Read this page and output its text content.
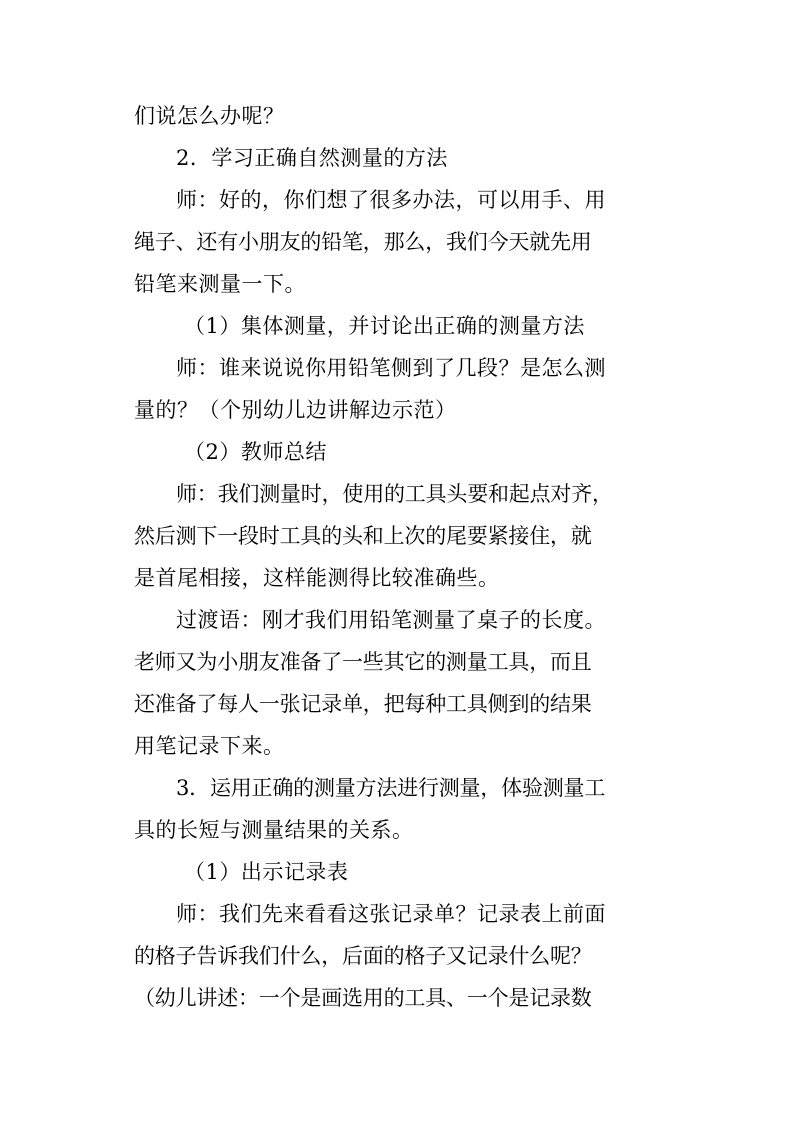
们说怎么办呢？
2．学习正确自然测量的方法
师：好的，你们想了很多办法，可以用手、用
绳子、还有小朋友的铅笔，那么，我们今天就先用
铅笔来测量一下。
（1）集体测量，并讨论出正确的测量方法
师：谁来说说你用铅笔侧到了几段？是怎么测
量的？（个别幼儿边讲解边示范）
（2）教师总结
师：我们测量时，使用的工具头要和起点对齐，
然后测下一段时工具的头和上次的尾要紧接住，就
是首尾相接，这样能测得比较准确些。
过渡语：刚才我们用铅笔测量了桌子的长度。
老师又为小朋友准备了一些其它的测量工具，而且
还准备了每人一张记录单，把每种工具侧到的结果
用笔记录下来。
3．运用正确的测量方法进行测量，体验测量工
具的长短与测量结果的关系。
（1）出示记录表
师：我们先来看看这张记录单？记录表上前面
的格子告诉我们什么，后面的格子又记录什么呢？
（幼儿讲述：一个是画选用的工具、一个是记录数
